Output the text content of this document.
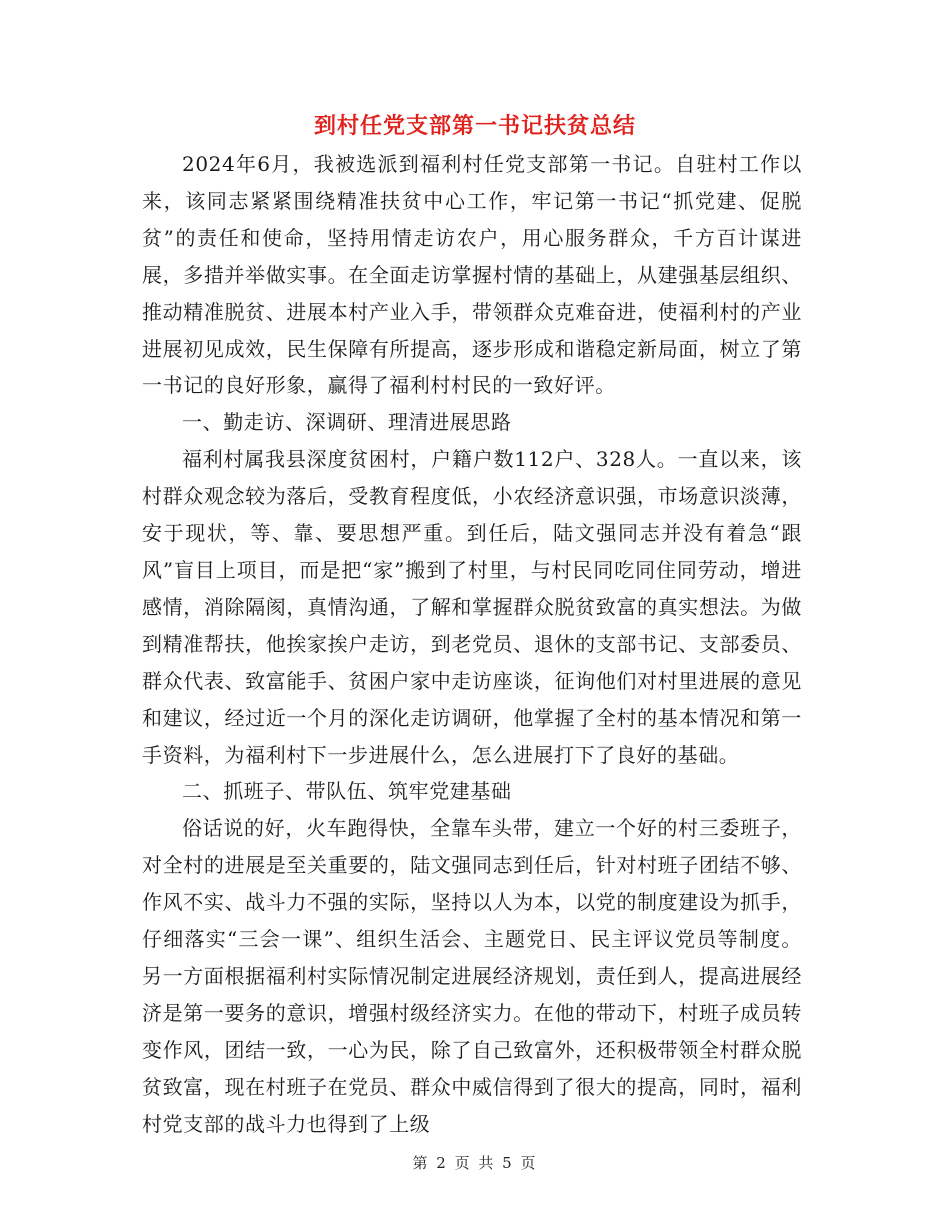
到村任党支部第一书记扶贫总结

2024年6月，我被选派到福利村任党支部第一书记。自驻村工作以来，该同志紧紧围绕精准扶贫中心工作，牢记第一书记“抓党建、促脱贫”的责任和使命，坚持用情走访农户，用心服务群众，千方百计谋进展，多措并举做实事。在全面走访掌握村情的基础上，从建强基层组织、推动精准脱贫、进展本村产业入手，带领群众克难奋进，使福利村的产业进展初见成效，民生保障有所提高，逐步形成和谐稳定新局面，树立了第一书记的良好形象，赢得了福利村村民的一致好评。

一、勤走访、深调研、理清进展思路

福利村属我县深度贫困村，户籍户数112户、328人。一直以来，该村群众观念较为落后，受教育程度低，小农经济意识强，市场意识淡薄，安于现状，等、靠、要思想严重。到任后，陆文强同志并没有着急“跟风”盲目上项目，而是把“家”搬到了村里，与村民同吃同住同劳动，增进感情，消除隔阂，真情沟通，了解和掌握群众脱贫致富的真实想法。为做到精准帮扶，他挨家挨户走访，到老党员、退休的支部书记、支部委员、群众代表、致富能手、贫困户家中走访座谈，征询他们对村里进展的意见和建议，经过近一个月的深化走访调研，他掌握了全村的基本情况和第一手资料，为福利村下一步进展什么，怎么进展打下了良好的基础。

二、抓班子、带队伍、筑牢党建基础

俗话说的好，火车跑得快，全靠车头带，建立一个好的村三委班子，对全村的进展是至关重要的，陆文强同志到任后，针对村班子团结不够、作风不实、战斗力不强的实际，坚持以人为本，以党的制度建设为抓手，仔细落实“三会一课”、组织生活会、主题党日、民主评议党员等制度。另一方面根据福利村实际情况制定进展经济规划，责任到人，提高进展经济是第一要务的意识，增强村级经济实力。在他的带动下，村班子成员转变作风，团结一致，一心为民，除了自己致富外，还积极带领全村群众脱贫致富，现在村班子在党员、群众中威信得到了很大的提高，同时，福利村党支部的战斗力也得到了上级

第 2 页 共 5 页
